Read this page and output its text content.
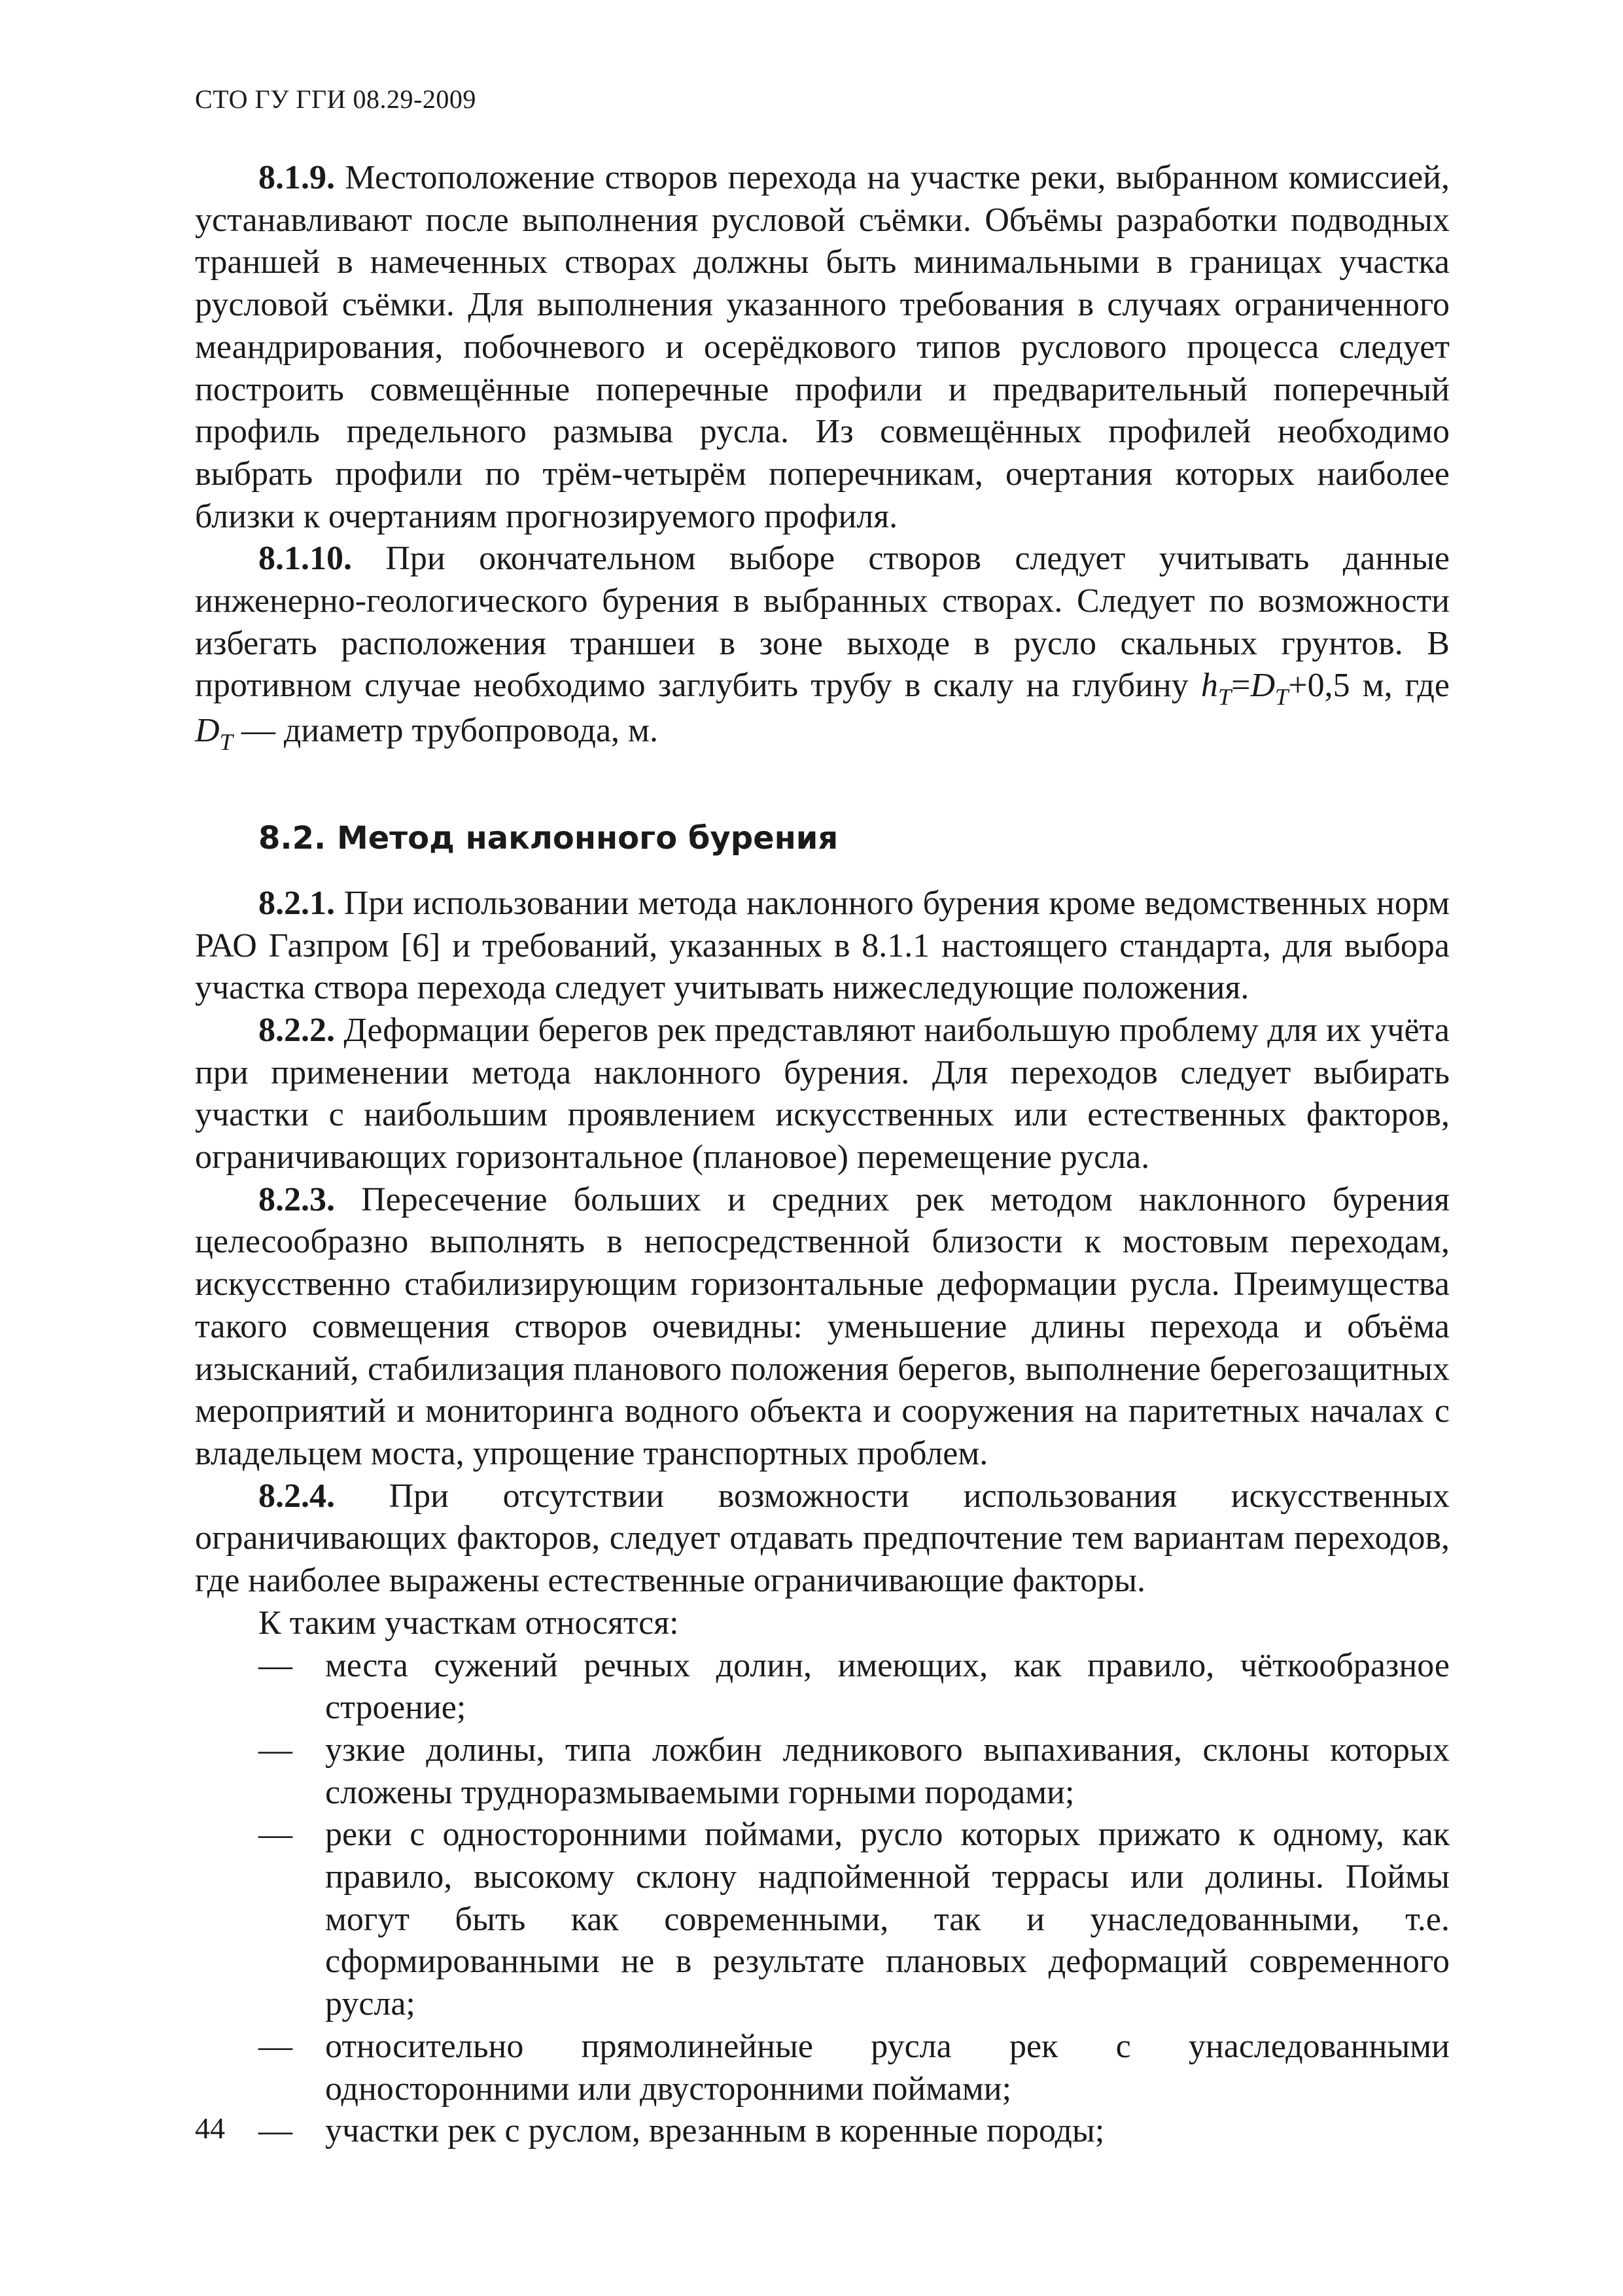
СТО ГУ ГГИ 08.29-2009

8.1.9. Местоположение створов перехода на участке реки, выбранном комиссией, устанавливают после выполнения русловой съёмки. Объёмы разработки подводных траншей в намеченных створах должны быть минимальными в границах участка русловой съёмки. Для выполнения указанного требования в случаях ограниченного меандрирования, побочневого и осерёдкового типов руслового процесса следует построить совмещённые поперечные профили и предварительный поперечный профиль предельного размыва русла. Из совмещённых профилей необходимо выбрать профили по трём-четырём поперечникам, очертания которых наиболее близки к очертаниям прогнозируемого профиля.

8.1.10. При окончательном выборе створов следует учитывать данные инженерно-геологического бурения в выбранных створах. Следует по возможности избегать расположения траншеи в зоне выходе в русло скальных грунтов. В противном случае необходимо заглубить трубу в скалу на глубину $h_T=D_T+0,5$ м, где $D_T$ — диаметр трубопровода, м.

8.2. Метод наклонного бурения

8.2.1. При использовании метода наклонного бурения кроме ведомственных норм РАО Газпром [6] и требований, указанных в 8.1.1 настоящего стандарта, для выбора участка створа перехода следует учитывать нижеследующие положения.

8.2.2. Деформации берегов рек представляют наибольшую проблему для их учёта при применении метода наклонного бурения. Для переходов следует выбирать участки с наибольшим проявлением искусственных или естественных факторов, ограничивающих горизонтальное (плановое) перемещение русла.

8.2.3. Пересечение больших и средних рек методом наклонного бурения целесообразно выполнять в непосредственной близости к мостовым переходам, искусственно стабилизирующим горизонтальные деформации русла. Преимущества такого совмещения створов очевидны: уменьшение длины перехода и объёма изысканий, стабилизация планового положения берегов, выполнение берегозащитных мероприятий и мониторинга водного объекта и сооружения на паритетных началах с владельцем моста, упрощение транспортных проблем.

8.2.4. При отсутствии возможности использования искусственных ограничивающих факторов, следует отдавать предпочтение тем вариантам переходов, где наиболее выражены естественные ограничивающие факторы.

К таким участкам относятся:

— места сужений речных долин, имеющих, как правило, чёткообразное строение;
— узкие долины, типа ложбин ледникового выпахивания, склоны которых сложены трудноразмываемыми горными породами;
— реки с односторонними поймами, русло которых прижато к одному, как правило, высокому склону надпойменной террасы или долины. Поймы могут быть как современными, так и унаследованными, т.е. сформированными не в результате плановых деформаций современного русла;
— относительно прямолинейные русла рек с унаследованными односторонними или двусторонними поймами;
— участки рек с руслом, врезанным в коренные породы;
44
